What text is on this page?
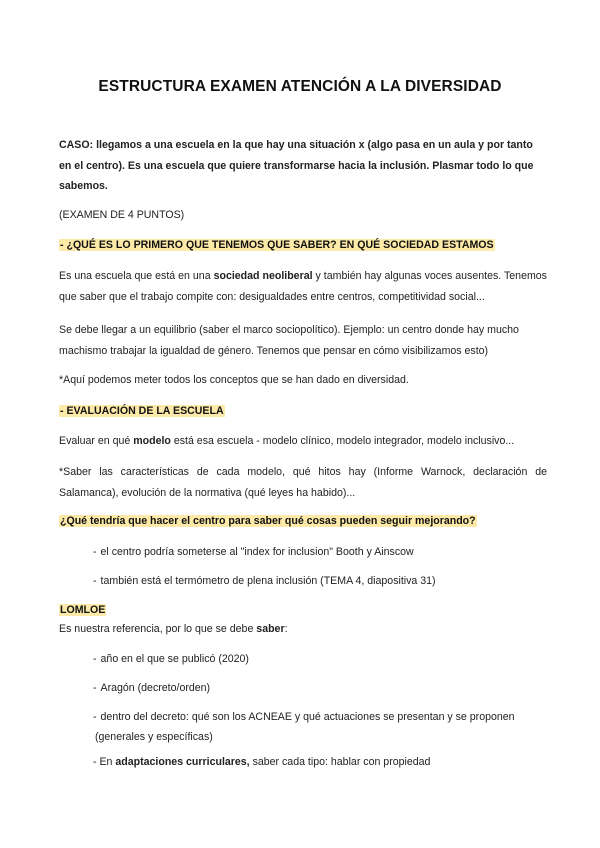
ESTRUCTURA EXAMEN ATENCIÓN A LA DIVERSIDAD

CASO: llegamos a una escuela en la que hay una situación x (algo pasa en un aula y por tanto en el centro). Es una escuela que quiere transformarse hacia la inclusión. Plasmar todo lo que sabemos.

(EXAMEN DE 4 PUNTOS)

- ¿QUÉ ES LO PRIMERO QUE TENEMOS QUE SABER? EN QUÉ SOCIEDAD ESTAMOS

Es una escuela que está en una sociedad neoliberal y también hay algunas voces ausentes. Tenemos que saber que el trabajo compite con: desigualdades entre centros, competitividad social...

Se debe llegar a un equilibrio (saber el marco sociopolítico). Ejemplo: un centro donde hay mucho machismo trabajar la igualdad de género. Tenemos que pensar en cómo visibilizamos esto)

*Aquí podemos meter todos los conceptos que se han dado en diversidad.

- EVALUACIÓN DE LA ESCUELA

Evaluar en qué modelo está esa escuela - modelo clínico, modelo integrador, modelo inclusivo...

*Saber las características de cada modelo, qué hitos hay (Informe Warnock, declaración de Salamanca), evolución de la normativa (qué leyes ha habido)...

¿Qué tendría que hacer el centro para saber qué cosas pueden seguir mejorando?

- el centro podría someterse al "index for inclusion" Booth y Ainscow
- también está el termómetro de plena inclusión (TEMA 4, diapositiva 31)

LOMLOE

Es nuestra referencia, por lo que se debe saber:

- año en el que se publicó (2020)
- Aragón (decreto/orden)
- dentro del decreto: qué son los ACNEAE y qué actuaciones se presentan y se proponen
(generales y específicas)
- En adaptaciones curriculares, saber cada tipo: hablar con propiedad
